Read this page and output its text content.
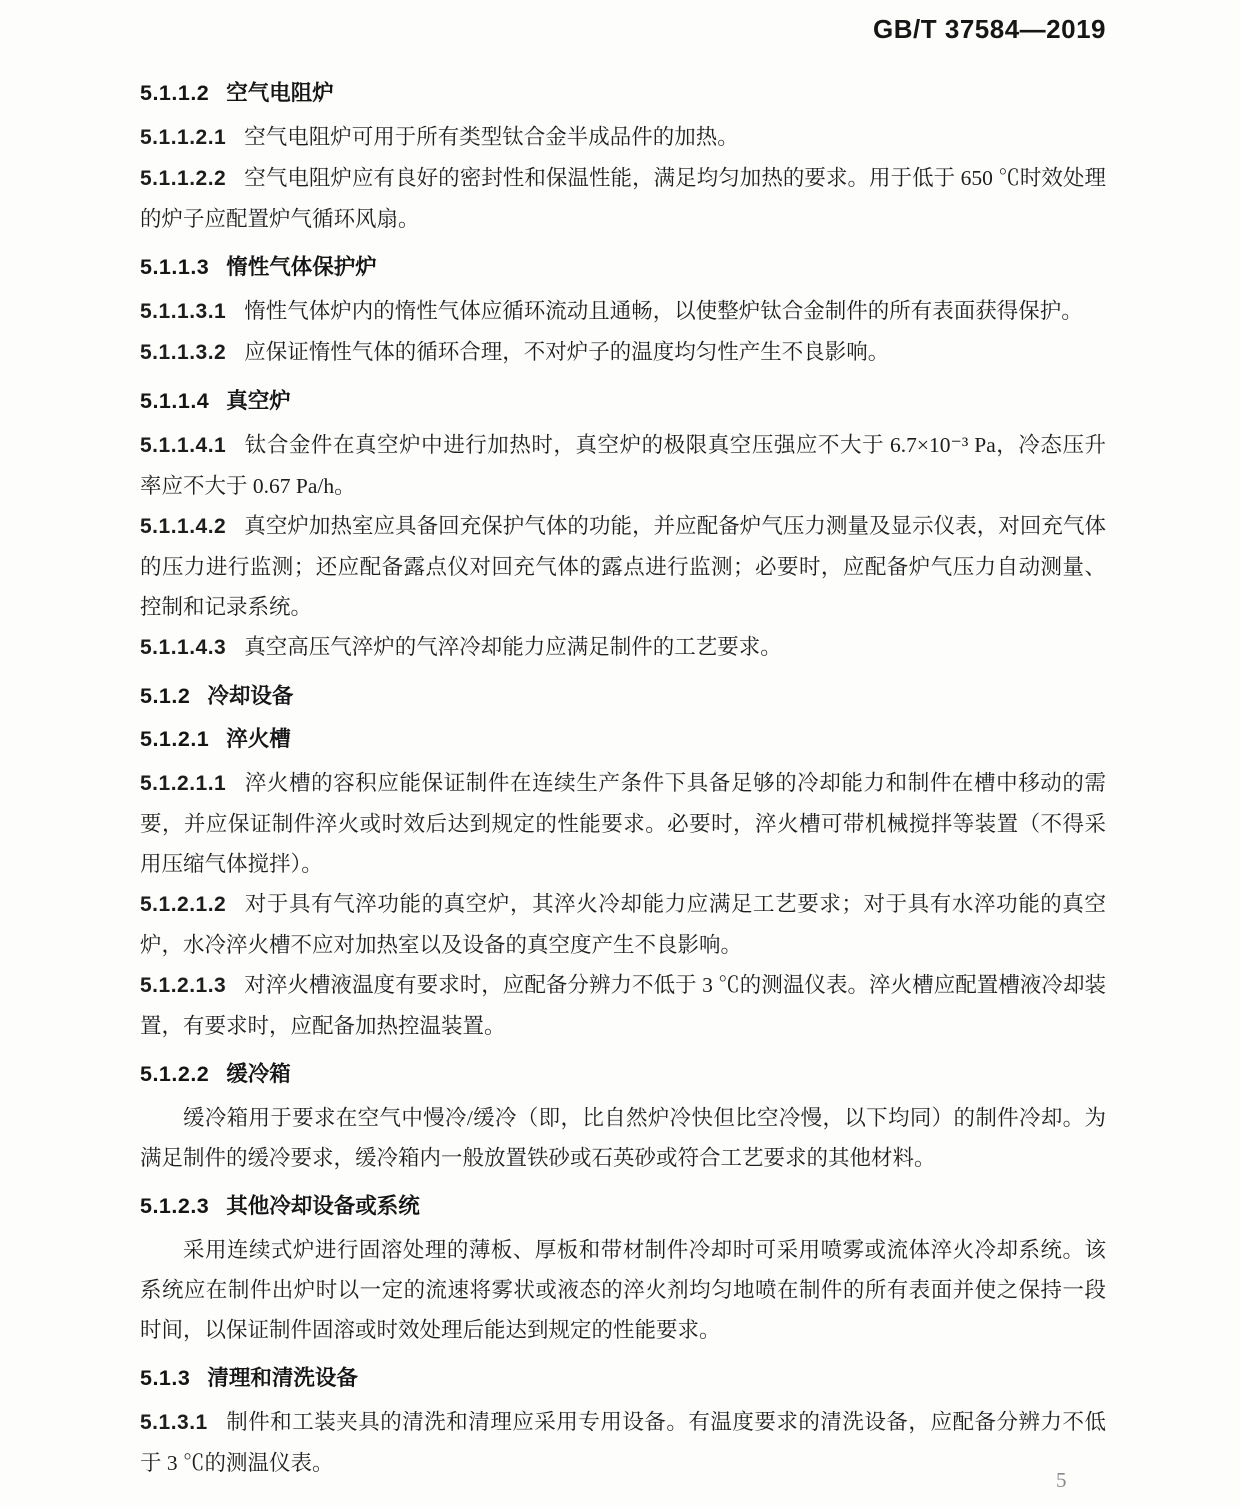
GB/T 37584—2019
5.1.1.2 空气电阻炉

5.1.1.2.1 空气电阻炉可用于所有类型钛合金半成品件的加热。

5.1.1.2.2 空气电阻炉应有良好的密封性和保温性能，满足均匀加热的要求。用于低于 650 ℃时效处理的炉子应配置炉气循环风扇。

5.1.1.3 惰性气体保护炉

5.1.1.3.1 惰性气体炉内的惰性气体应循环流动且通畅，以使整炉钛合金制件的所有表面获得保护。

5.1.1.3.2 应保证惰性气体的循环合理，不对炉子的温度均匀性产生不良影响。

5.1.1.4 真空炉

5.1.1.4.1 钛合金件在真空炉中进行加热时，真空炉的极限真空压强应不大于 6.7×10⁻³ Pa，冷态压升率应不大于 0.67 Pa/h。

5.1.1.4.2 真空炉加热室应具备回充保护气体的功能，并应配备炉气压力测量及显示仪表，对回充气体的压力进行监测；还应配备露点仪对回充气体的露点进行监测；必要时，应配备炉气压力自动测量、控制和记录系统。

5.1.1.4.3 真空高压气淬炉的气淬冷却能力应满足制件的工艺要求。

5.1.2 冷却设备
5.1.2.1 淬火槽

5.1.2.1.1 淬火槽的容积应能保证制件在连续生产条件下具备足够的冷却能力和制件在槽中移动的需要，并应保证制件淬火或时效后达到规定的性能要求。必要时，淬火槽可带机械搅拌等装置（不得采用压缩气体搅拌）。

5.1.2.1.2 对于具有气淬功能的真空炉，其淬火冷却能力应满足工艺要求；对于具有水淬功能的真空炉，水冷淬火槽不应对加热室以及设备的真空度产生不良影响。

5.1.2.1.3 对淬火槽液温度有要求时，应配备分辨力不低于 3 ℃的测温仪表。淬火槽应配置槽液冷却装置，有要求时，应配备加热控温装置。

5.1.2.2 缓冷箱

缓冷箱用于要求在空气中慢冷/缓冷（即，比自然炉冷快但比空冷慢，以下均同）的制件冷却。为满足制件的缓冷要求，缓冷箱内一般放置铁砂或石英砂或符合工艺要求的其他材料。

5.1.2.3 其他冷却设备或系统

采用连续式炉进行固溶处理的薄板、厚板和带材制件冷却时可采用喷雾或流体淬火冷却系统。该系统应在制件出炉时以一定的流速将雾状或液态的淬火剂均匀地喷在制件的所有表面并使之保持一段时间，以保证制件固溶或时效处理后能达到规定的性能要求。

5.1.3 清理和清洗设备

5.1.3.1 制件和工装夹具的清洗和清理应采用专用设备。有温度要求的清洗设备，应配备分辨力不低于 3 ℃的测温仪表。

5
